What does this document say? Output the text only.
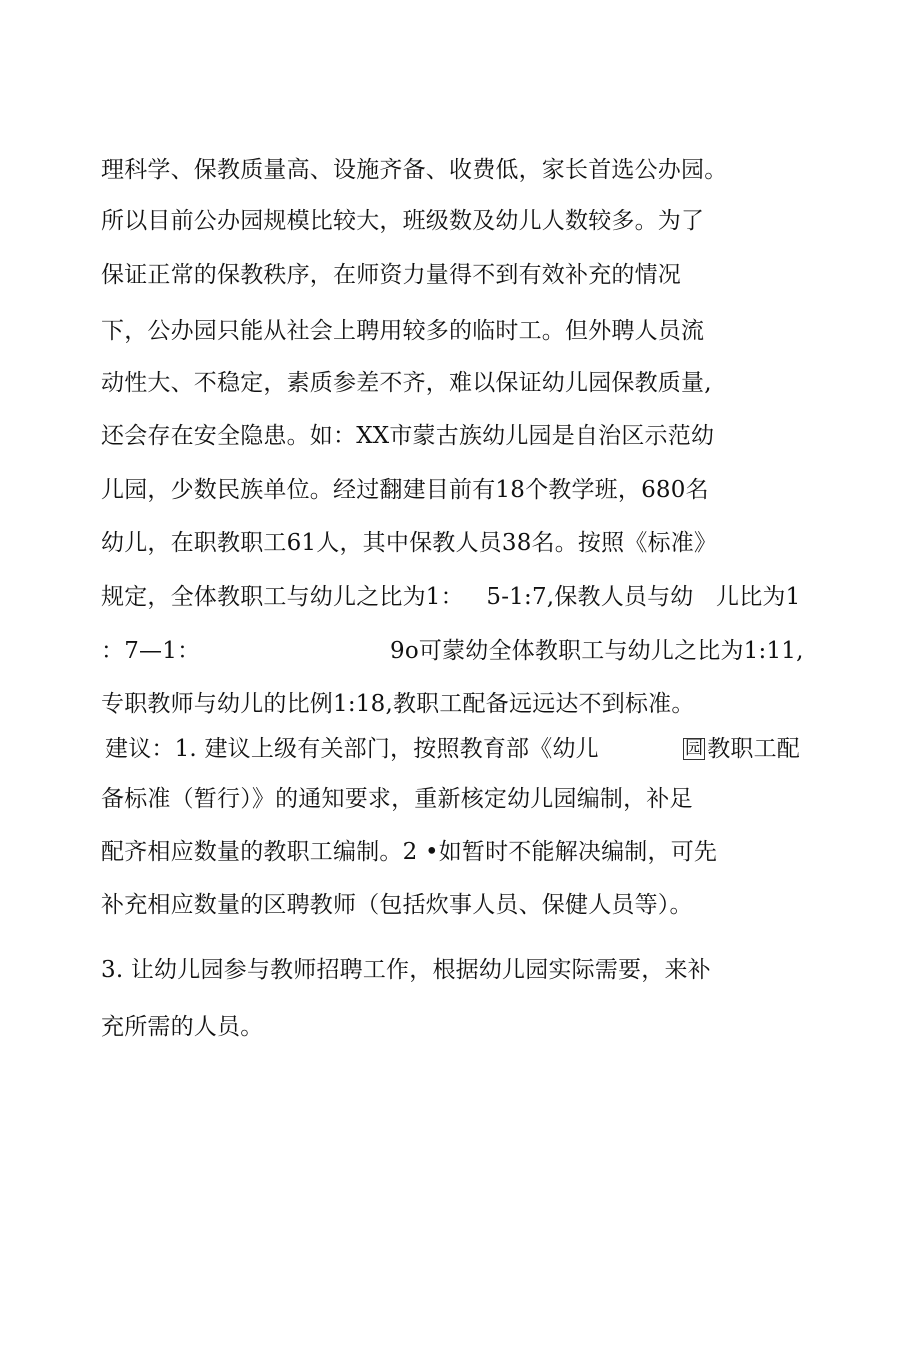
理科学、保教质量高、设施齐备、收费低，家长首选公办园。
所以目前公办园规模比较大，班级数及幼儿人数较多。为了
保证正常的保教秩序，在师资力量得不到有效补充的情况
下，公办园只能从社会上聘用较多的临时工。但外聘人员流
动性大、不稳定，素质参差不齐，难以保证幼儿园保教质量,
还会存在安全隐患。如：XX市蒙古族幼儿园是自治区示范幼
儿园，少数民族单位。经过翻建目前有18个教学班，680名
幼儿，在职教职工61人，其中保教人员38名。按照《标准》
规定，全体教职工与幼儿之比为1：   5-1:7,保教人员与幼   儿比为1
：7—1：	9o可蒙幼全体教职工与幼儿之比为1:11,
专职教师与幼儿的比例1:18,教职工配备远远达不到标准。
建议：1. 建议上级有关部门，按照教育部《幼儿	园 教职工配
备标准（暂行）》的通知要求，重新核定幼儿园编制，补足
配齐相应数量的教职工编制。2 •如暂时不能解决编制，可先
补充相应数量的区聘教师（包括炊事人员、保健人员等）。
3. 让幼儿园参与教师招聘工作，根据幼儿园实际需要，来补
充所需的人员。
